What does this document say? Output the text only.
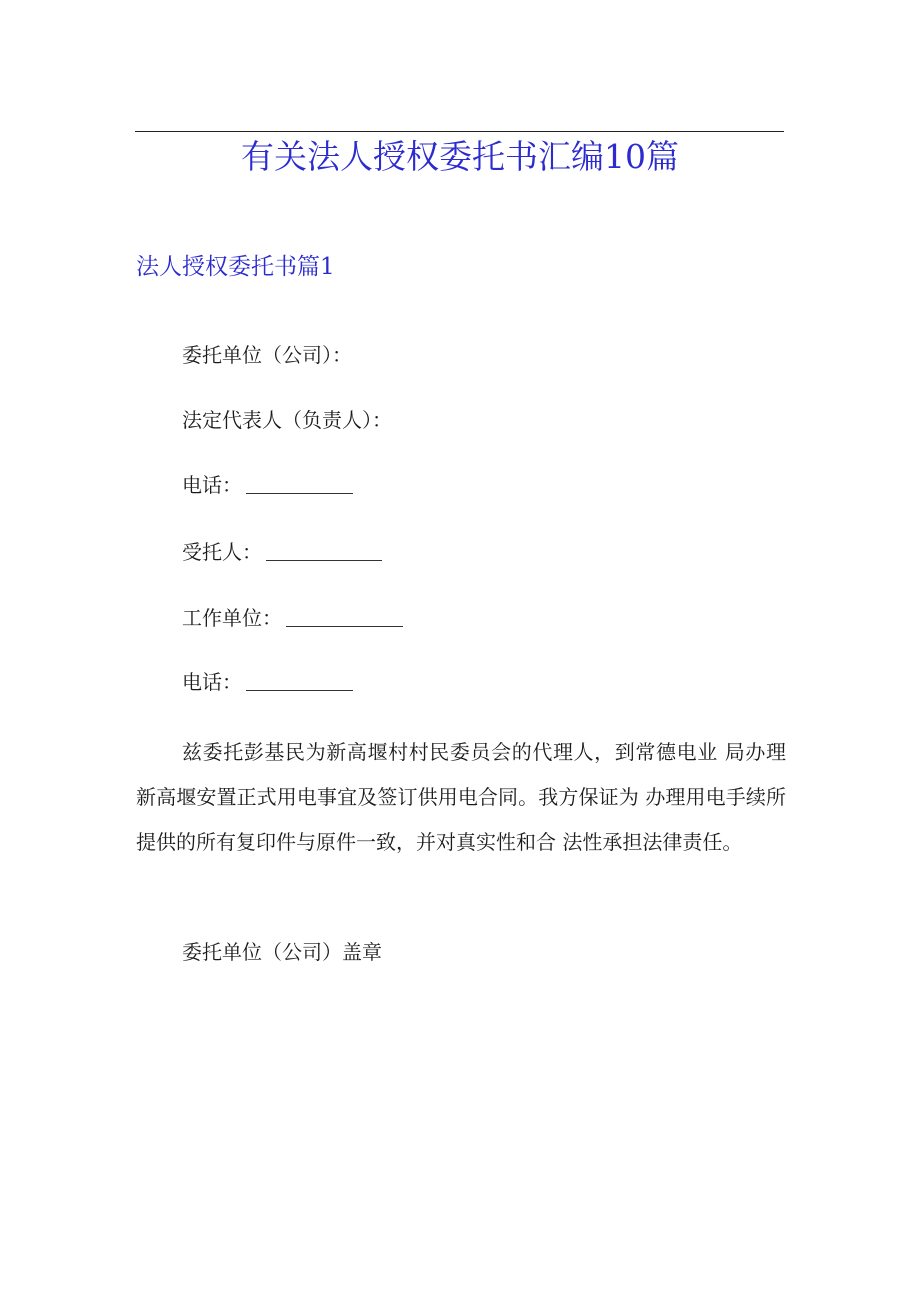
有关法人授权委托书汇编10篇
法人授权委托书篇1
委托单位（公司）：
法定代表人（负责人）：
电话：
受托人：
工作单位：
电话：
兹委托彭基民为新高堰村村民委员会的代理人，到常德电业 局办理新高堰安置正式用电事宜及签订供用电合同。我方保证为 办理用电手续所提供的所有复印件与原件一致，并对真实性和合 法性承担法律责任。
委托单位（公司）盖章
